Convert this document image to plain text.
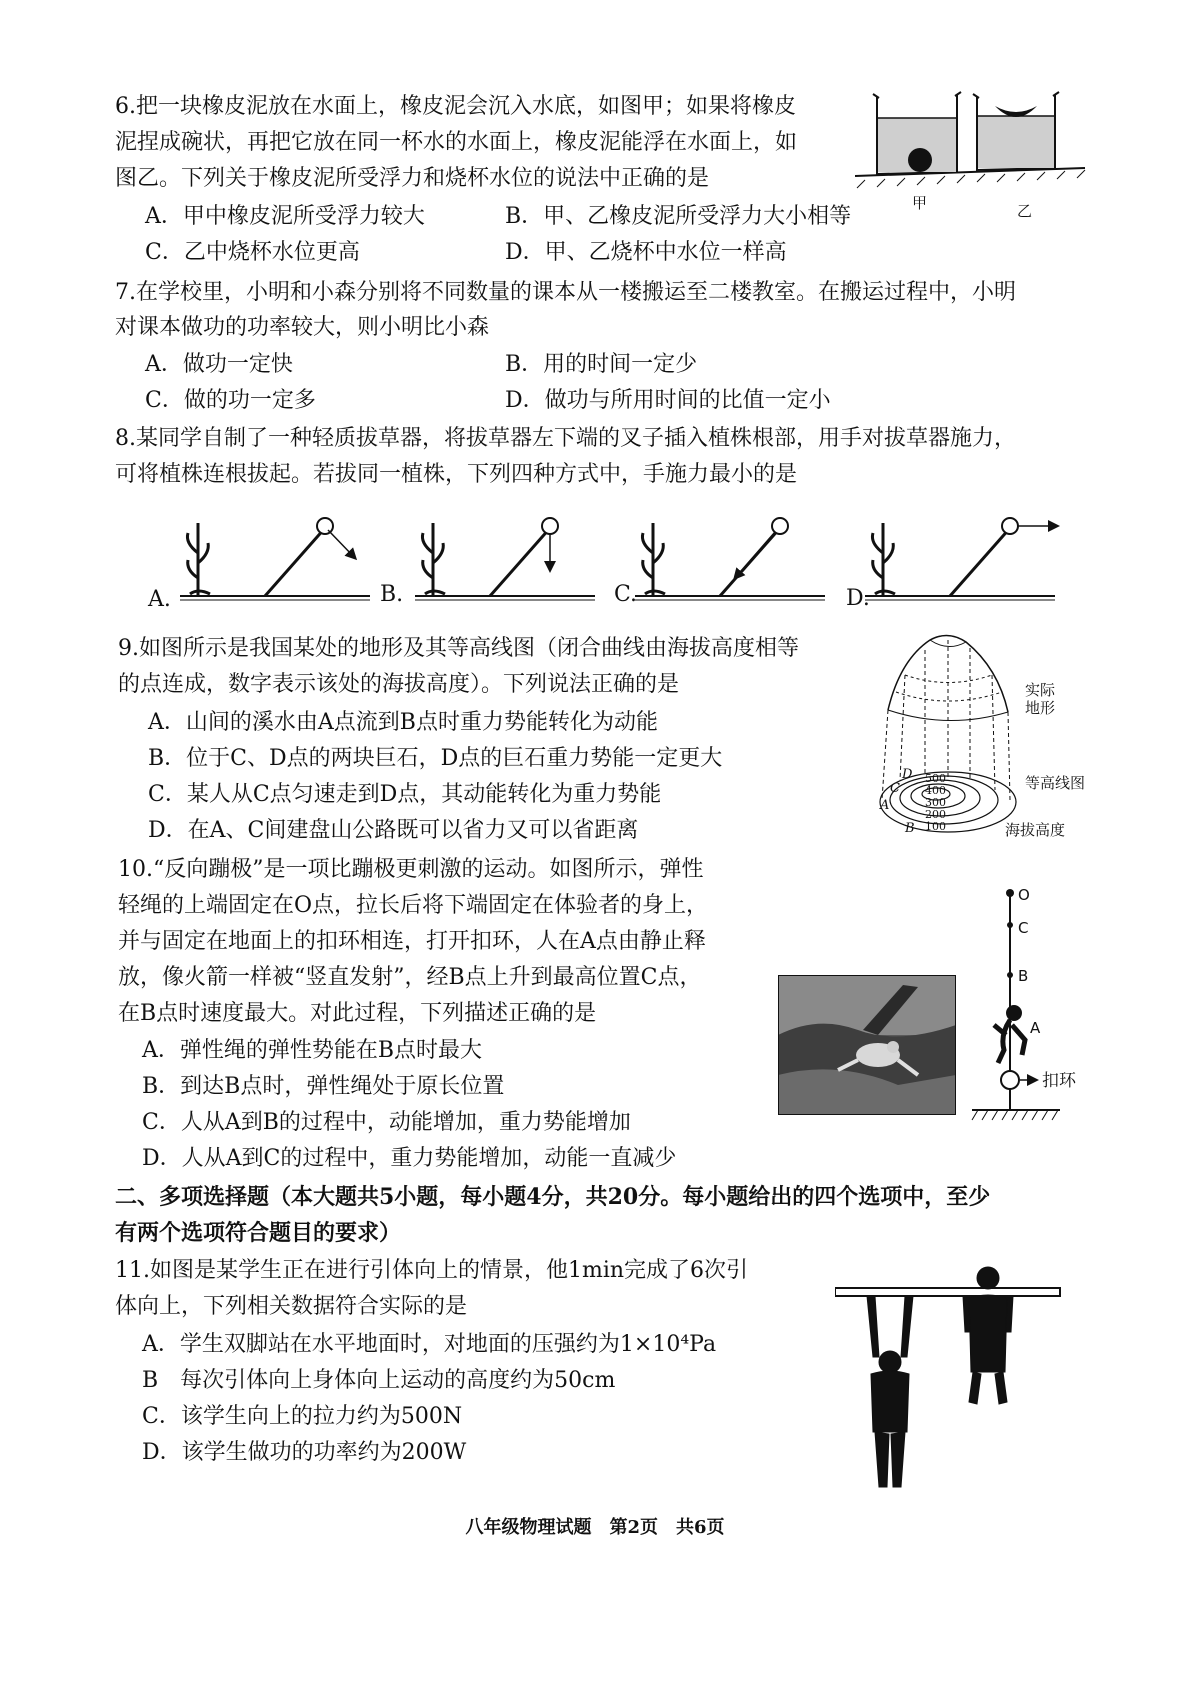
6.把一块橡皮泥放在水面上，橡皮泥会沉入水底，如图甲；如果将橡皮
泥捏成碗状，再把它放在同一杯水的水面上，橡皮泥能浮在水面上，如
图乙。下列关于橡皮泥所受浮力和烧杯水位的说法中正确的是
A．甲中橡皮泥所受浮力较大	B．甲、乙橡皮泥所受浮力大小相等
C．乙中烧杯水位更高	D．甲、乙烧杯中水位一样高
甲	乙
7.在学校里，小明和小森分别将不同数量的课本从一楼搬运至二楼教室。在搬运过程中，小明
对课本做功的功率较大，则小明比小森
A．做功一定快	B．用的时间一定少
C．做的功一定多	D．做功与所用时间的比值一定小
8.某同学自制了一种轻质拔草器，将拔草器左下端的叉子插入植株根部，用手对拔草器施力，
可将植株连根拔起。若拔同一植株，下列四种方式中，手施力最小的是
A.	B.	C.	D.
9.如图所示是我国某处的地形及其等高线图（闭合曲线由海拔高度相等
的点连成，数字表示该处的海拔高度）。下列说法正确的是
A．山间的溪水由A点流到B点时重力势能转化为动能
B．位于C、D点的两块巨石，D点的巨石重力势能一定更大
C．某人从C点匀速走到D点，其动能转化为重力势能
D．在A、C间建盘山公路既可以省力又可以省距离
实际
地形
等高线图
海拔高度
500
400
300
200
100
D
C
A
B
10.“反向蹦极”是一项比蹦极更刺激的运动。如图所示，弹性
轻绳的上端固定在O点，拉长后将下端固定在体验者的身上，
并与固定在地面上的扣环相连，打开扣环，人在A点由静止释
放，像火箭一样被“竖直发射”，经B点上升到最高位置C点，
在B点时速度最大。对此过程，下列描述正确的是
A．弹性绳的弹性势能在B点时最大
B．到达B点时，弹性绳处于原长位置
C．人从A到B的过程中，动能增加，重力势能增加
D．人从A到C的过程中，重力势能增加，动能一直减少
O
C
B
A
扣环
二、多项选择题（本大题共5小题，每小题4分，共20分。每小题给出的四个选项中，至少
有两个选项符合题目的要求）
11.如图是某学生正在进行引体向上的情景，他1min完成了6次引
体向上，下列相关数据符合实际的是
A．学生双脚站在水平地面时，对地面的压强约为1×10⁴Pa
B　每次引体向上身体向上运动的高度约为50cm
C．该学生向上的拉力约为500N
D．该学生做功的功率约为200W
八年级物理试题　第2页　共6页
